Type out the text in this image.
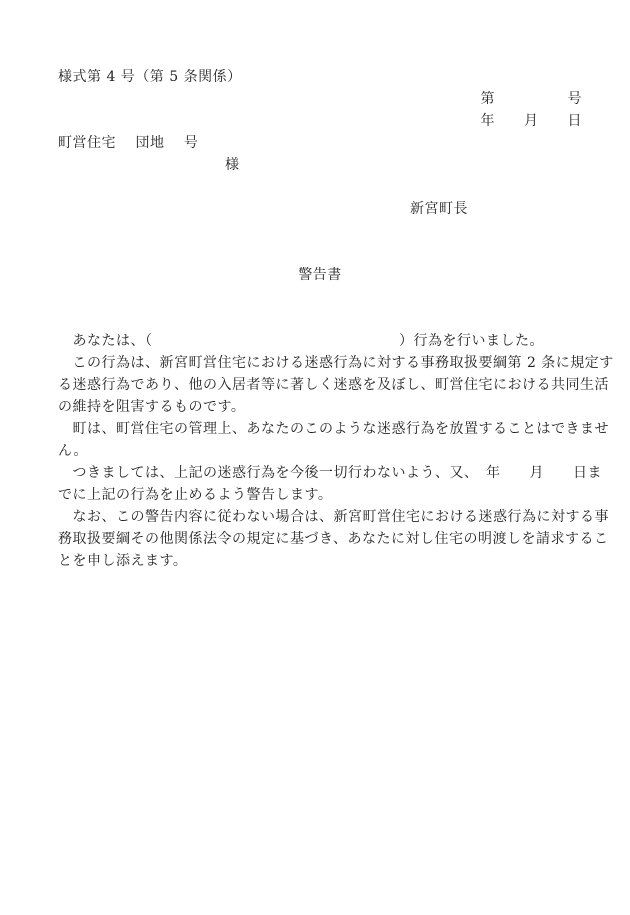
様式第 4 号（第 5 条関係）
第　　　　　号
年　　月　　日
町営住宅　 団地　 号
様
新宮町長
警告書
　あなたは、（　　　　　　　　　　　　　　　　　）行為を行いました。
　この行為は、新宮町営住宅における迷惑行為に対する事務取扱要綱第 2 条に規定す
る迷惑行為であり、他の入居者等に著しく迷惑を及ぼし、町営住宅における共同生活
の維持を阻害するものです。
　町は、町営住宅の管理上、あなたのこのような迷惑行為を放置することはできませ
ん。
　つきましては、上記の迷惑行為を今後一切行わないよう、又、　年　　月　　日ま
でに上記の行為を止めるよう警告します。
　なお、この警告内容に従わない場合は、新宮町営住宅における迷惑行為に対する事
務取扱要綱その他関係法令の規定に基づき、あなたに対し住宅の明渡しを請求するこ
とを申し添えます。
